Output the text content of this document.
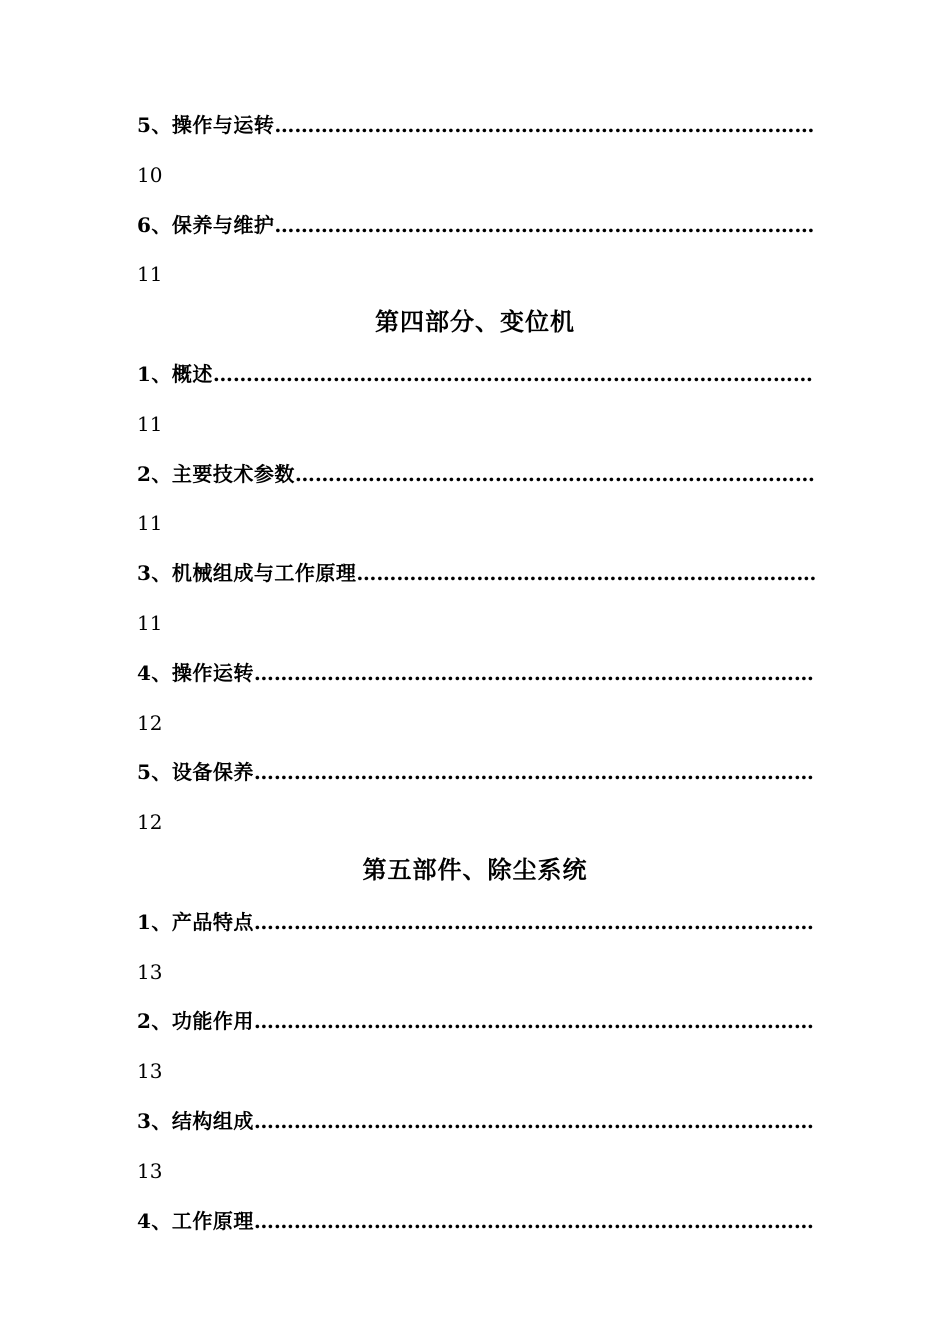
5、操作与运转………………………………………………………………………
10
6、保养与维护………………………………………………………………………
11
第四部分、变位机
1、概述………………………………………………………………………………
11
2、主要技术参数……………………………………………………………………
11
3、机械组成与工作原理……………………………………………………………
11
4、操作运转…………………………………………………………………………
12
5、设备保养…………………………………………………………………………
12
第五部件、除尘系统
1、产品特点…………………………………………………………………………
13
2、功能作用…………………………………………………………………………
13
3、结构组成…………………………………………………………………………
13
4、工作原理…………………………………………………………………………
